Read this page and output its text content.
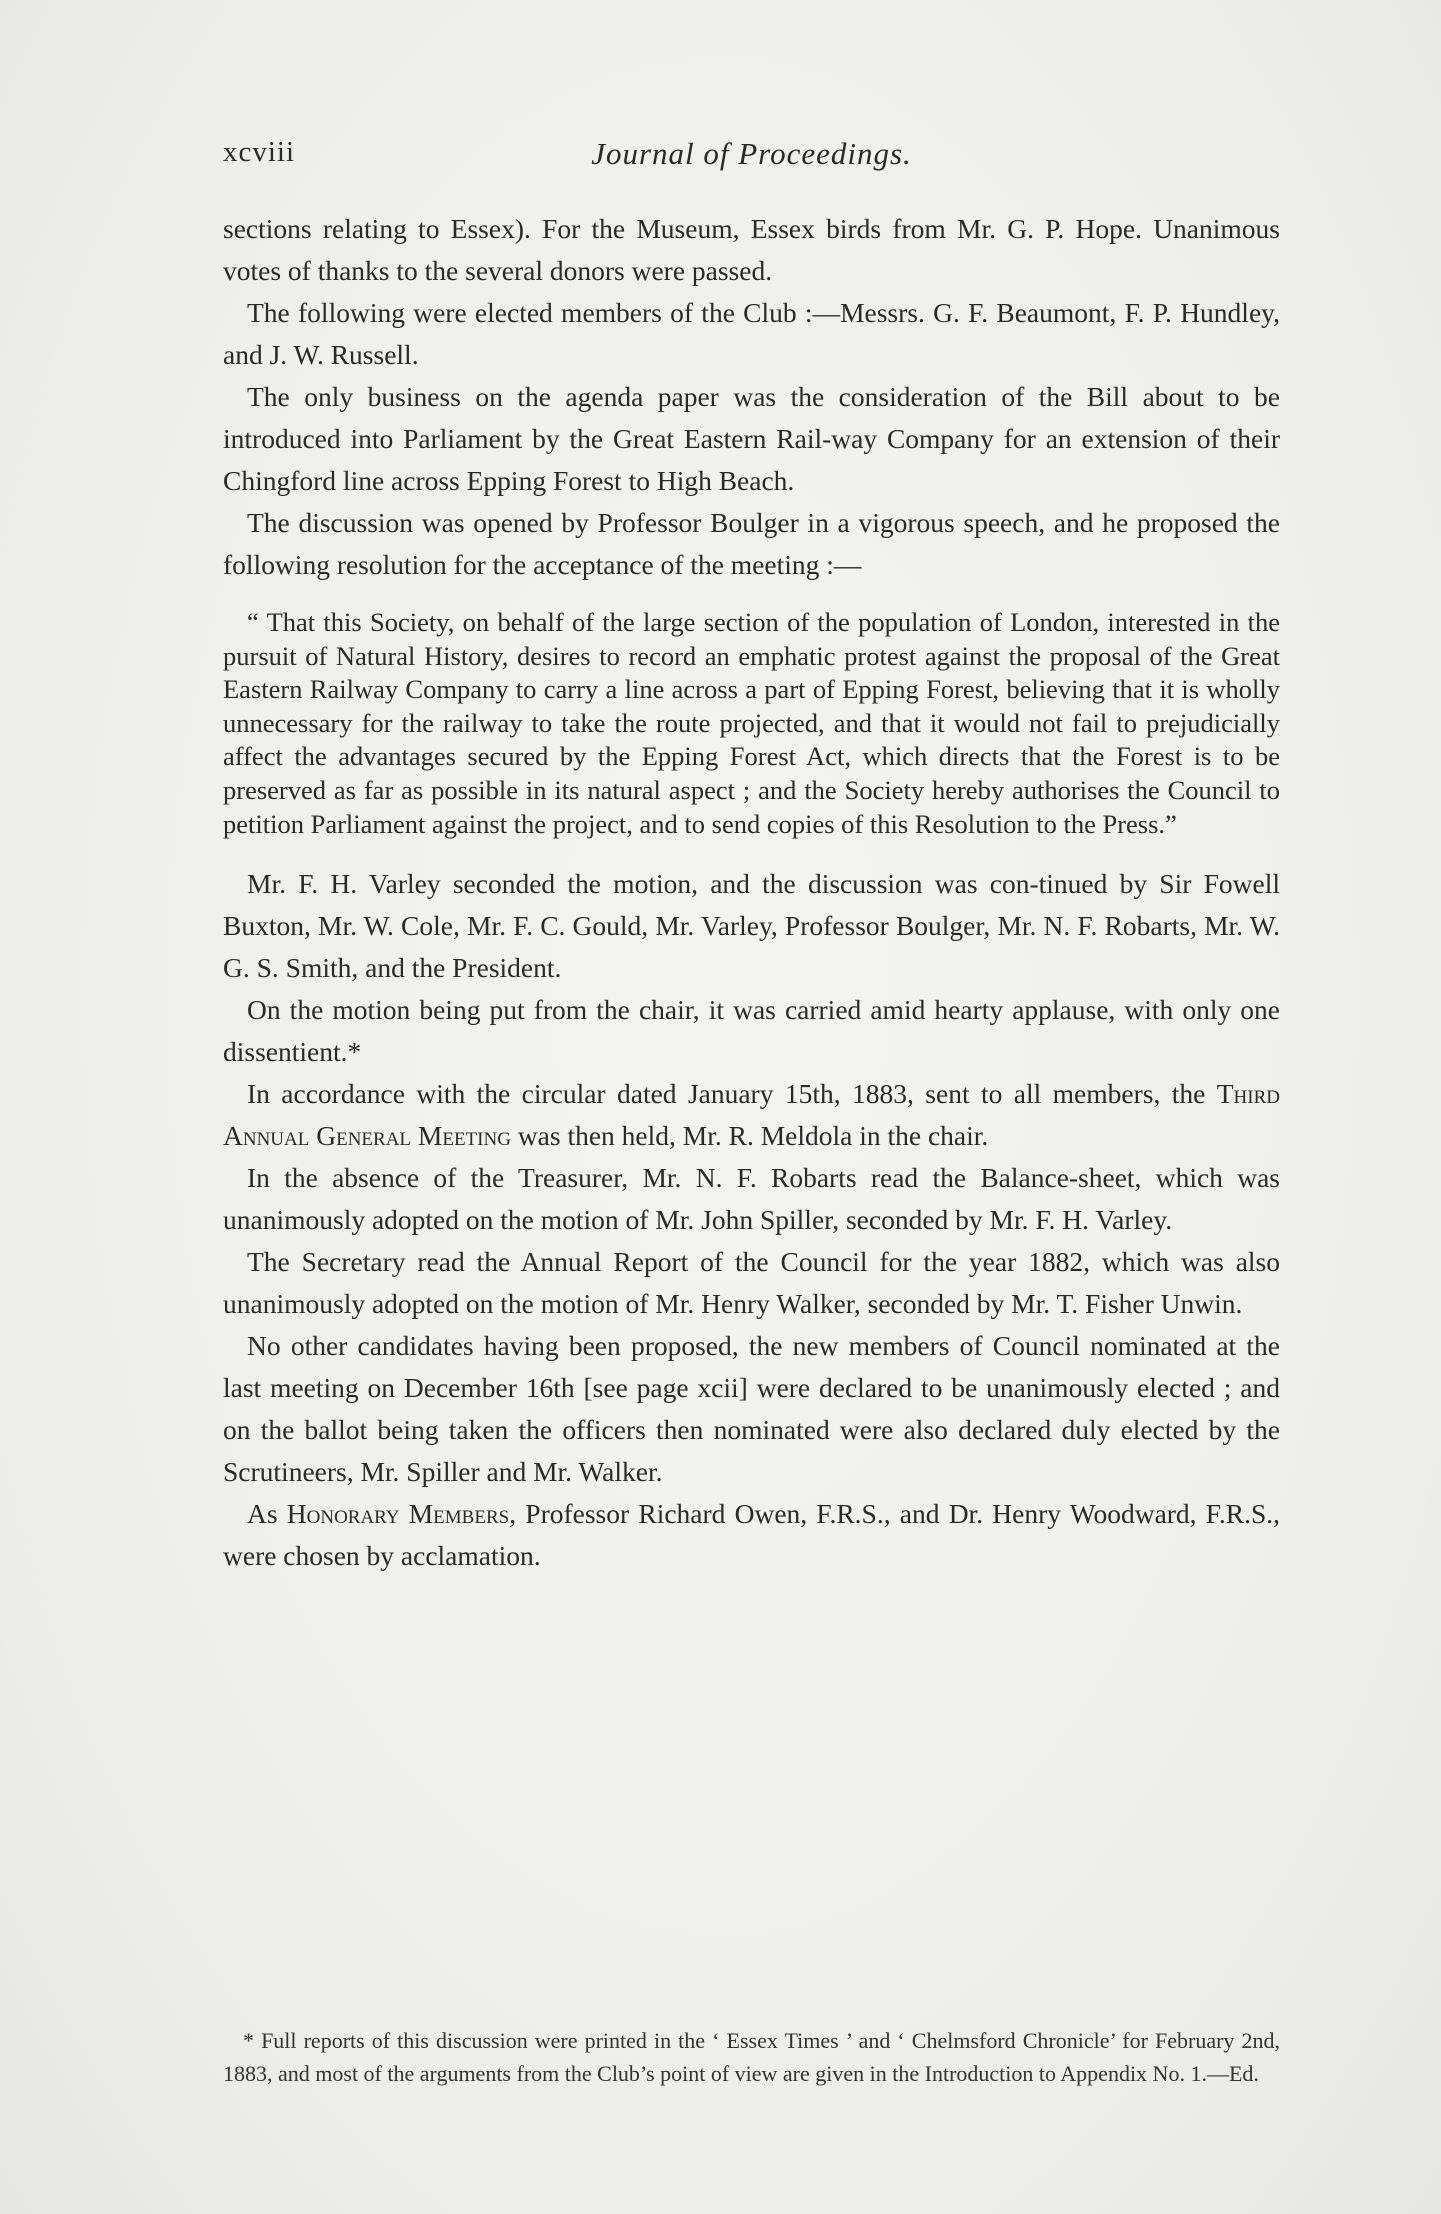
xcviii	Journal of Proceedings.

sections relating to Essex). For the Museum, Essex birds from Mr. G. P. Hope. Unanimous votes of thanks to the several donors were passed.

The following were elected members of the Club :—Messrs. G. F. Beaumont, F. P. Hundley, and J. W. Russell.

The only business on the agenda paper was the consideration of the Bill about to be introduced into Parliament by the Great Eastern Rail-way Company for an extension of their Chingford line across Epping Forest to High Beach.

The discussion was opened by Professor Boulger in a vigorous speech, and he proposed the following resolution for the acceptance of the meeting :—

“ That this Society, on behalf of the large section of the population of London, interested in the pursuit of Natural History, desires to record an emphatic protest against the proposal of the Great Eastern Railway Company to carry a line across a part of Epping Forest, believing that it is wholly unnecessary for the railway to take the route projected, and that it would not fail to prejudicially affect the advantages secured by the Epping Forest Act, which directs that the Forest is to be preserved as far as possible in its natural aspect ; and the Society hereby authorises the Council to petition Parliament against the project, and to send copies of this Resolution to the Press.”

Mr. F. H. Varley seconded the motion, and the discussion was con-tinued by Sir Fowell Buxton, Mr. W. Cole, Mr. F. C. Gould, Mr. Varley, Professor Boulger, Mr. N. F. Robarts, Mr. W. G. S. Smith, and the President.

On the motion being put from the chair, it was carried amid hearty applause, with only one dissentient.*

In accordance with the circular dated January 15th, 1883, sent to all members, the Third Annual General Meeting was then held, Mr. R. Meldola in the chair.

In the absence of the Treasurer, Mr. N. F. Robarts read the Balance-sheet, which was unanimously adopted on the motion of Mr. John Spiller, seconded by Mr. F. H. Varley.

The Secretary read the Annual Report of the Council for the year 1882, which was also unanimously adopted on the motion of Mr. Henry Walker, seconded by Mr. T. Fisher Unwin.

No other candidates having been proposed, the new members of Council nominated at the last meeting on December 16th [see page xcii] were declared to be unanimously elected ; and on the ballot being taken the officers then nominated were also declared duly elected by the Scrutineers, Mr. Spiller and Mr. Walker.

As Honorary Members, Professor Richard Owen, F.R.S., and Dr. Henry Woodward, F.R.S., were chosen by acclamation.

* Full reports of this discussion were printed in the ‘ Essex Times ’ and ‘ Chelmsford Chronicle’ for February 2nd, 1883, and most of the arguments from the Club’s point of view are given in the Introduction to Appendix No. 1.—Ed.
